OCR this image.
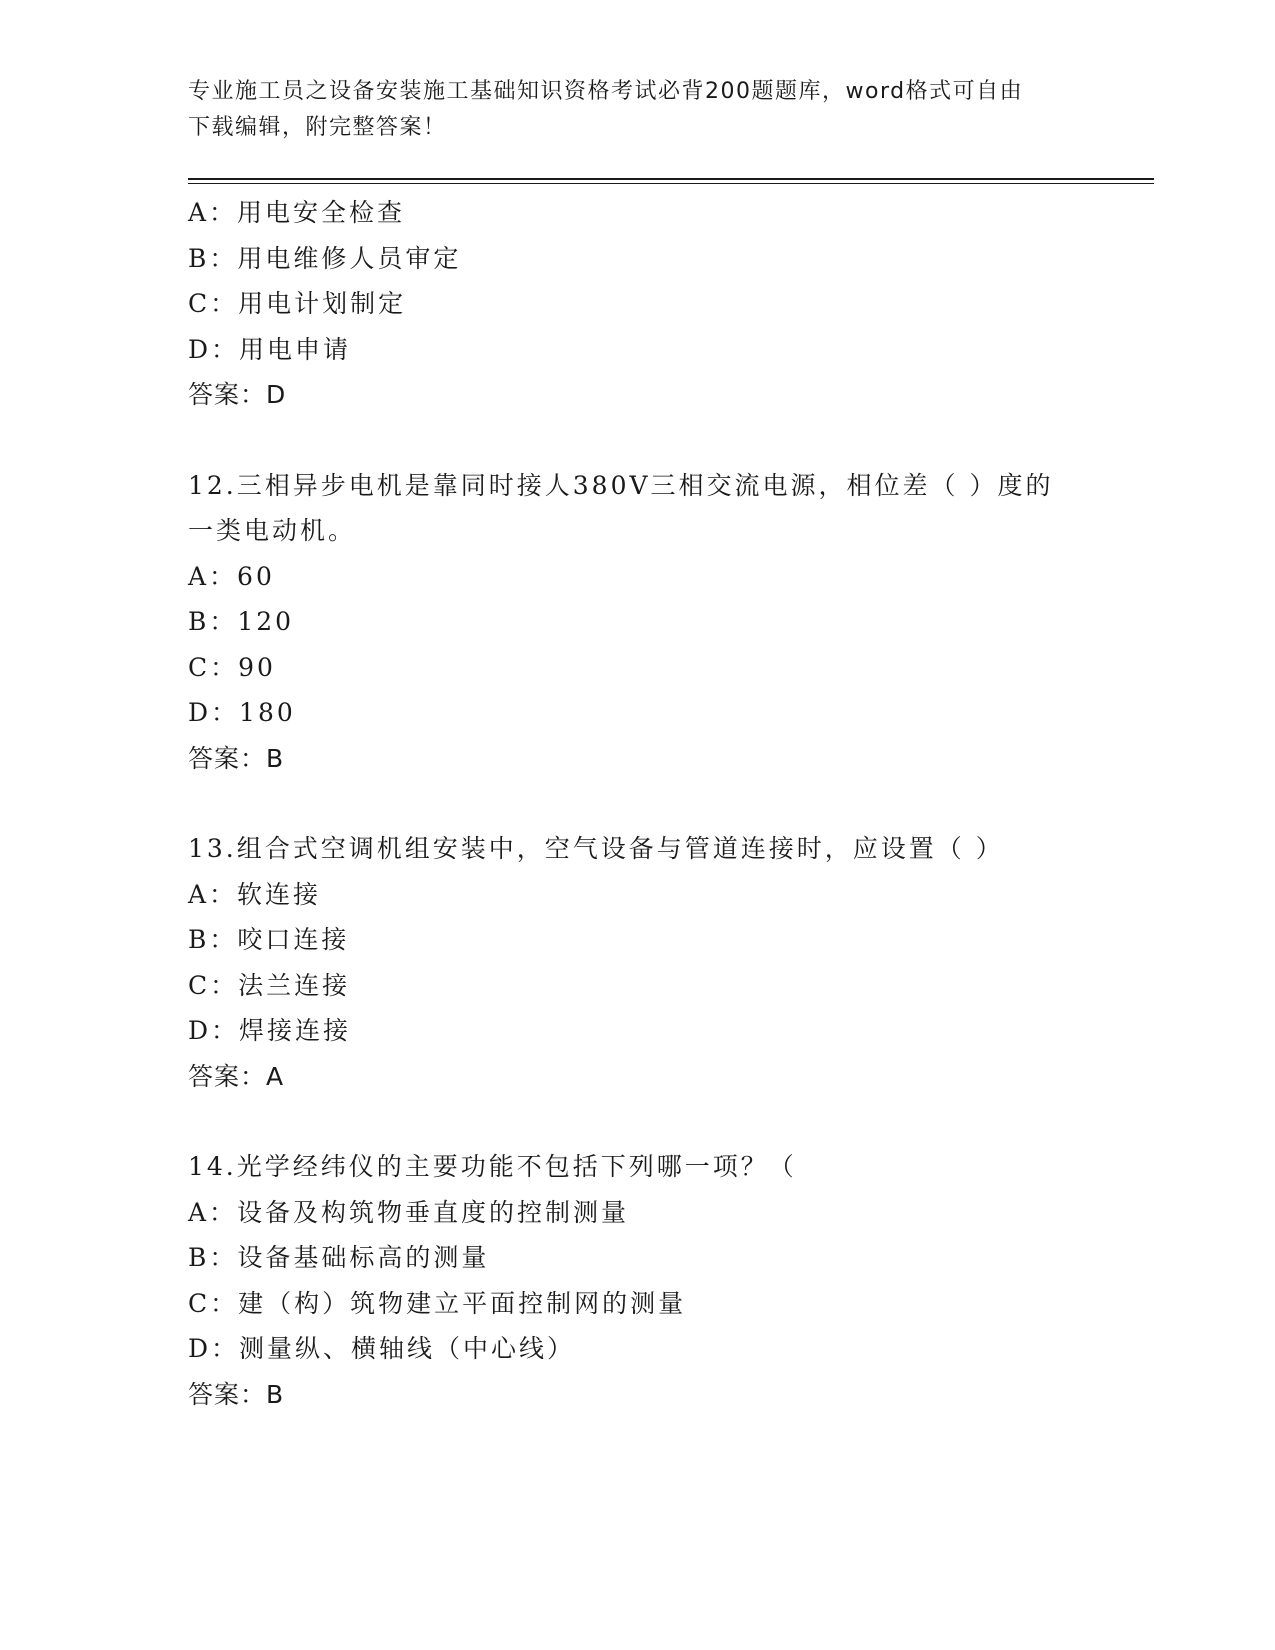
专业施工员之设备安装施工基础知识资格考试必背200题题库，word格式可自由
下载编辑，附完整答案！
A：用电安全检查
B：用电维修人员审定
C：用电计划制定
D：用电申请
答案：D
12.三相异步电机是靠同时接人380V三相交流电源，相位差（ ）度的
一类电动机。
A：60
B：120
C：90
D：180
答案：B
13.组合式空调机组安装中，空气设备与管道连接时，应设置（ ）
A：软连接
B：咬口连接
C：法兰连接
D：焊接连接
答案：A
14.光学经纬仪的主要功能不包括下列哪一项？（
A：设备及构筑物垂直度的控制测量
B：设备基础标高的测量
C：建（构）筑物建立平面控制网的测量
D：测量纵、横轴线（中心线）
答案：B
